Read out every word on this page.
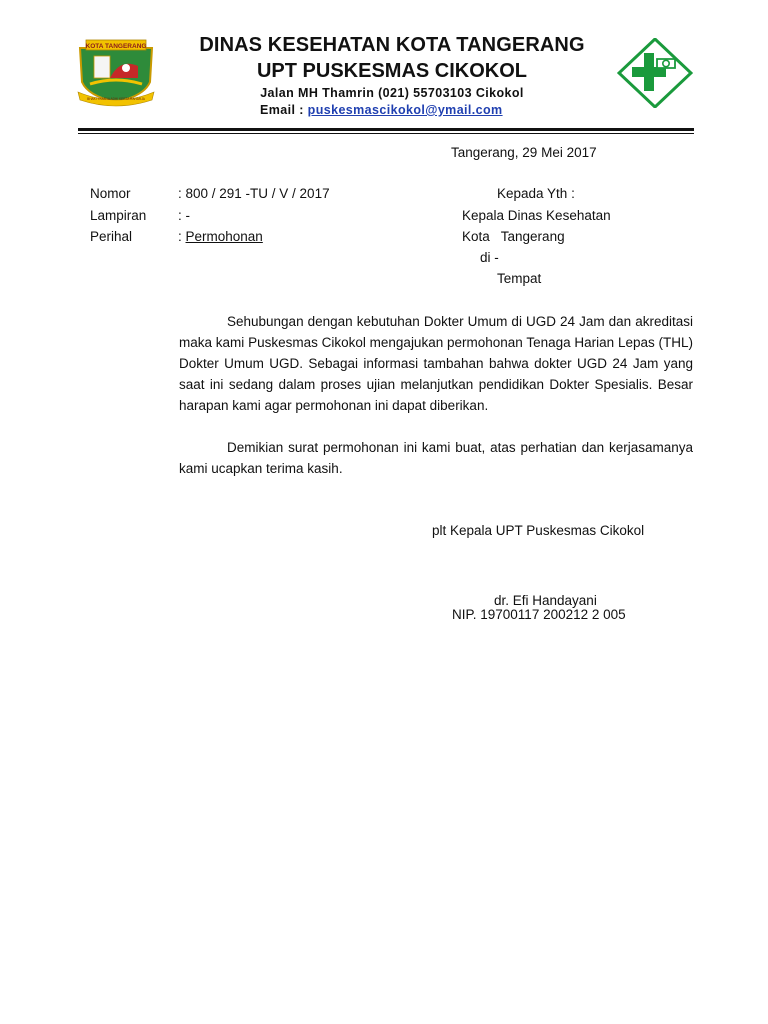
KOTA TANGERANG
BHAKTI KARYA ADHI KERTA RAHARJA
DINAS KESEHATAN KOTA TANGERANG
UPT PUSKESMAS CIKOKOL
Jalan MH Thamrin (021) 55703103 Cikokol
Email : puskesmascikokol@ymail.com
Tangerang, 29 Mei 2017
Nomor	: 800 / 291 -TU / V / 2017
Lampiran : -
Perihal	: Permohonan
Kepada Yth :
Kepala Dinas Kesehatan
Kota   Tangerang
di -
Tempat

Sehubungan dengan kebutuhan Dokter Umum di UGD 24 Jam dan akreditasi maka kami Puskesmas Cikokol mengajukan permohonan Tenaga Harian Lepas (THL) Dokter Umum UGD. Sebagai informasi tambahan bahwa dokter UGD 24 Jam yang saat ini sedang dalam proses ujian melanjutkan pendidikan Dokter Spesialis. Besar harapan kami agar permohonan ini dapat diberikan.

Demikian surat permohonan ini kami buat, atas perhatian dan kerjasamanya kami ucapkan terima kasih.

plt Kepala UPT Puskesmas Cikokol
dr. Efi Handayani
NIP. 19700117 200212 2 005
